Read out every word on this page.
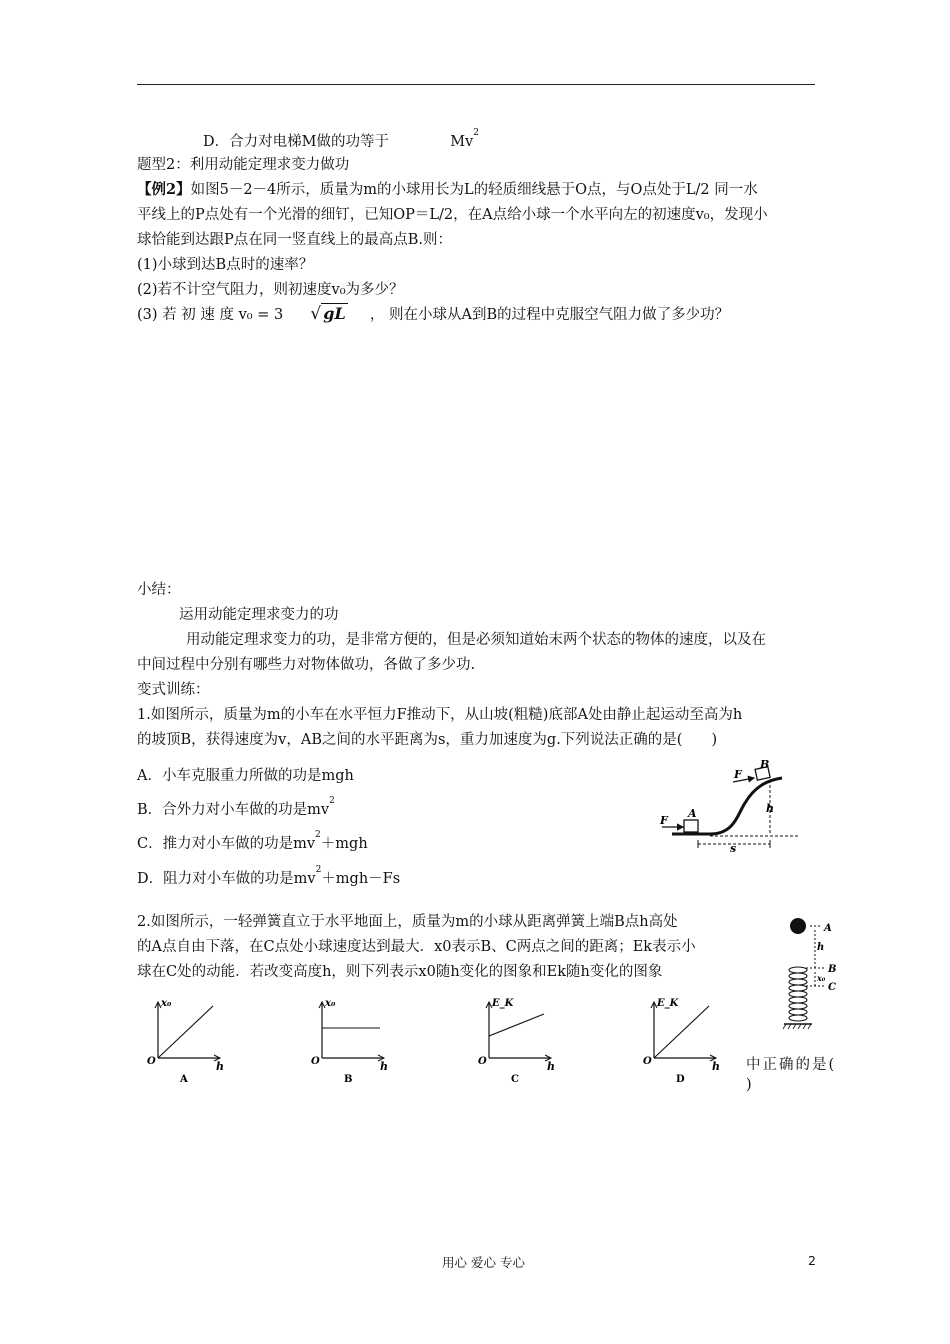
D．合力对电梯M做的功等于	Mv$^2$
题型2：利用动能定理求变力做功
【例2】如图5－2－4所示，质量为m的小球用长为L的轻质细线悬于O点，与O点处于L/2 同一水
平线上的P点处有一个光滑的细钉，已知OP＝L/2，在A点给小球一个水平向左的初速度v₀，发现小
球恰能到达跟P点在同一竖直线上的最高点B.则：
(1)小球到达B点时的速率？
(2)若不计空气阻力，则初速度v₀为多少？
(3) 若 初 速 度 v₀ = 3 √ gL ， 则在小球从A到B的过程中克服空气阻力做了多少功？
小结：
运用动能定理求变力的功
用动能定理求变力的功，是非常方便的，但是必须知道始末两个状态的物体的速度，以及在
中间过程中分别有哪些力对物体做功，各做了多少功.
变式训练：
1.如图所示，质量为m的小车在水平恒力F推动下，从山坡(粗糙)底部A处由静止起运动至高为h
的坡顶B，获得速度为v，AB之间的水平距离为s，重力加速度为g.下列说法正确的是(　　)
A．小车克服重力所做的功是mgh
B．合外力对小车做的功是$mv^2$
C．推力对小车做的功是$mv^2+mgh$
D．阻力对小车做的功是$mv^2+mgh-Fs$
F
A
F
B
h
s
2.如图所示，一轻弹簧直立于水平地面上，质量为m的小球从距离弹簧上端B点h高处
的A点自由下落，在C点处小球速度达到最大．x0表示B、C两点之间的距离；Ek表示小
球在C处的动能．若改变高度h，则下列表示x0随h变化的图象和Ek随h变化的图象
中正确的是(
)
A
h
B
x₀
C
x₀
h
O
A
x₀
h
O
B
E_K
h
O
C
E_K
h
O
D
用心 爱心 专心	2
